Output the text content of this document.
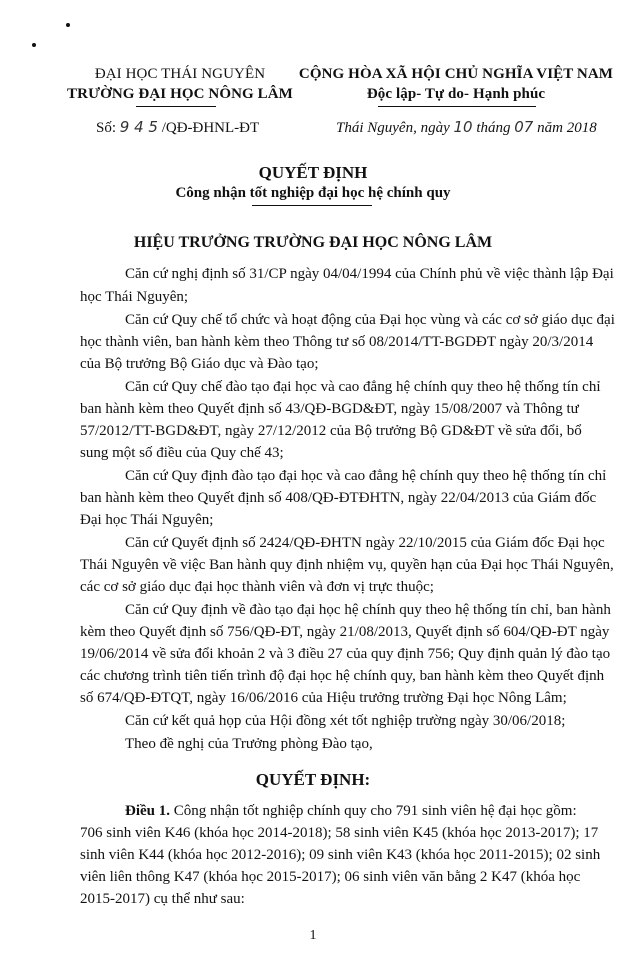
ĐẠI HỌC THÁI NGUYÊN
TRƯỜNG ĐẠI HỌC NÔNG LÂM
Số: 9 4 5 /QĐ-ĐHNL-ĐT
CỘNG HÒA XÃ HỘI CHỦ NGHĨA VIỆT NAM
Độc lập- Tự do- Hạnh phúc
Thái Nguyên, ngày 10 tháng 07 năm 2018
QUYẾT ĐỊNH
Công nhận tốt nghiệp đại học hệ chính quy
HIỆU TRƯỞNG TRƯỜNG ĐẠI HỌC NÔNG LÂM
Căn cứ nghị định số 31/CP ngày 04/04/1994 của Chính phủ về việc thành lập Đại
học Thái Nguyên;
Căn cứ Quy chế tổ chức và hoạt động của Đại học vùng và các cơ sở giáo dục đại
học thành viên, ban hành kèm theo Thông tư số 08/2014/TT-BGDĐT ngày 20/3/2014
của Bộ trưởng Bộ Giáo dục và Đào tạo;
Căn cứ Quy chế đào tạo đại học và cao đẳng hệ chính quy theo hệ thống tín chỉ
ban hành kèm theo Quyết định số 43/QĐ-BGD&ĐT, ngày 15/08/2007 và Thông tư
57/2012/TT-BGD&ĐT, ngày 27/12/2012 của Bộ trưởng Bộ GD&ĐT về sửa đổi, bổ
sung một số điều của Quy chế 43;
Căn cứ Quy định đào tạo đại học và cao đẳng hệ chính quy theo hệ thống tín chỉ
ban hành kèm theo Quyết định số 408/QĐ-ĐTĐHTN, ngày 22/04/2013 của Giám đốc
Đại học Thái Nguyên;
Căn cứ Quyết định số 2424/QĐ-ĐHTN ngày 22/10/2015 của Giám đốc Đại học
Thái Nguyên về việc Ban hành quy định nhiệm vụ, quyền hạn của Đại học Thái Nguyên,
các cơ sở giáo dục đại học thành viên và đơn vị trực thuộc;
Căn cứ Quy định về đào tạo đại học hệ chính quy theo hệ thống tín chỉ, ban hành
kèm theo Quyết định số 756/QĐ-ĐT, ngày 21/08/2013, Quyết định số 604/QĐ-ĐT ngày
19/06/2014 về sửa đổi khoản 2 và 3 điều 27 của quy định 756; Quy định quản lý đào tạo
các chương trình tiên tiến trình độ đại học hệ chính quy, ban hành kèm theo Quyết định
số 674/QĐ-ĐTQT, ngày 16/06/2016 của Hiệu trưởng trường Đại học Nông Lâm;
Căn cứ kết quả họp của Hội đồng xét tốt nghiệp trường ngày 30/06/2018;
Theo đề nghị của Trưởng phòng Đào tạo,
QUYẾT ĐỊNH:
Điều 1. Công nhận tốt nghiệp chính quy cho 791 sinh viên hệ đại học gồm:
706 sinh viên K46 (khóa học 2014-2018); 58 sinh viên K45 (khóa học 2013-2017); 17
sinh viên K44 (khóa học 2012-2016); 09 sinh viên K43 (khóa học 2011-2015); 02 sinh
viên liên thông K47 (khóa học 2015-2017); 06 sinh viên văn bằng 2 K47 (khóa học
2015-2017) cụ thể như sau:
1
